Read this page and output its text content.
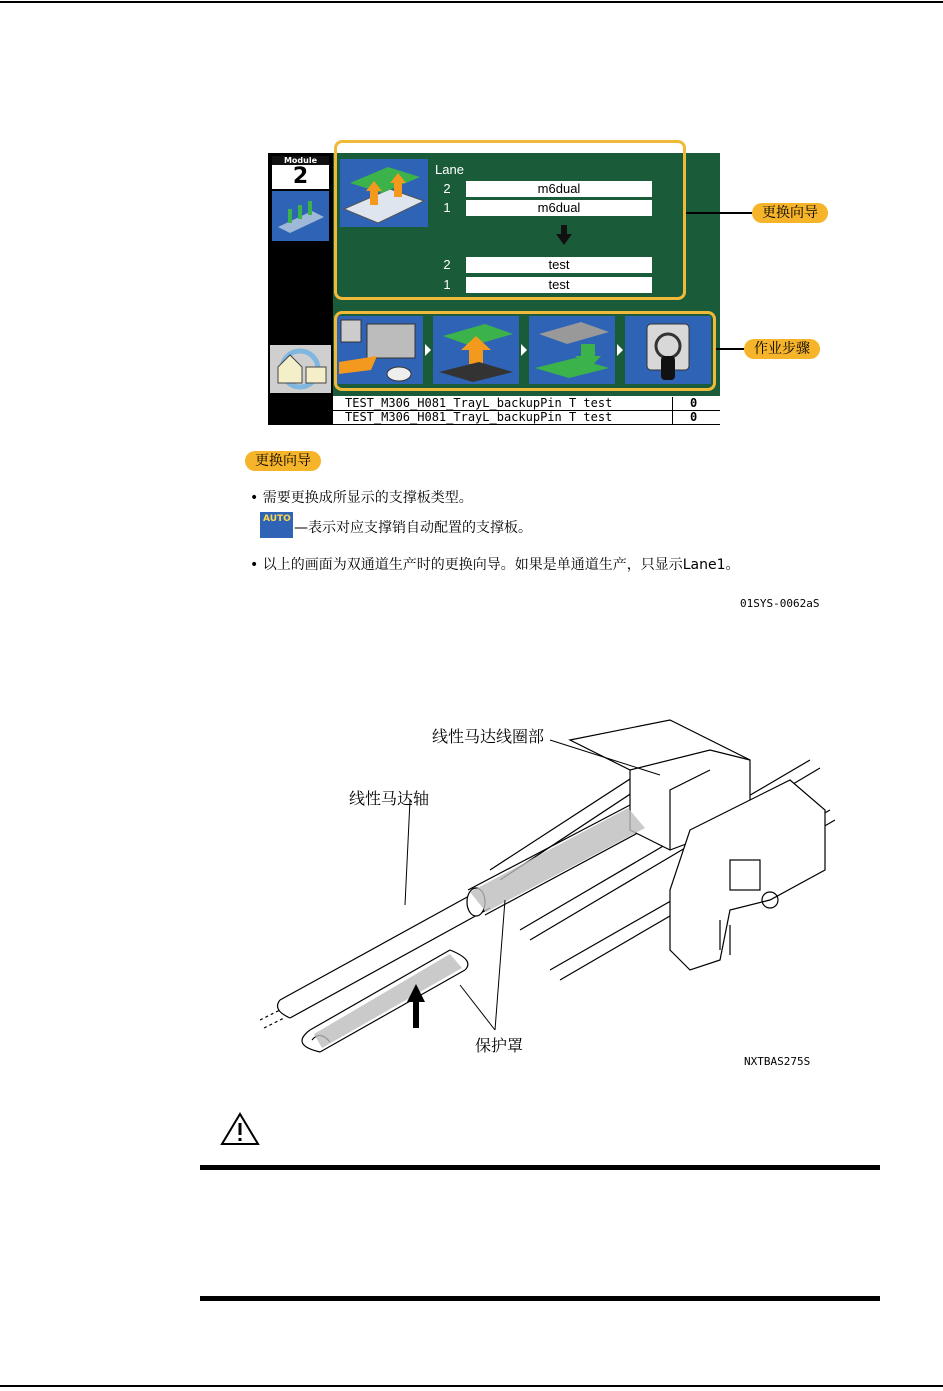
Module
2
TEST_M306_H081_TrayL_backupPin T test	0
TEST_M306_H081_TrayL_backupPin T test	0
Lane
2	m6dual
1	m6dual
2	test
1	test
更换向导
作业步骤
更换向导
• 需要更换成所显示的支撑板类型。
AUTO
—表示对应支撑销自动配置的支撑板。
• 以上的画面为双通道生产时的更换向导。如果是单通道生产，只显示Lane1。
01SYS-0062aS
线性马达线圈部
线性马达轴
保护罩
NXTBAS275S
